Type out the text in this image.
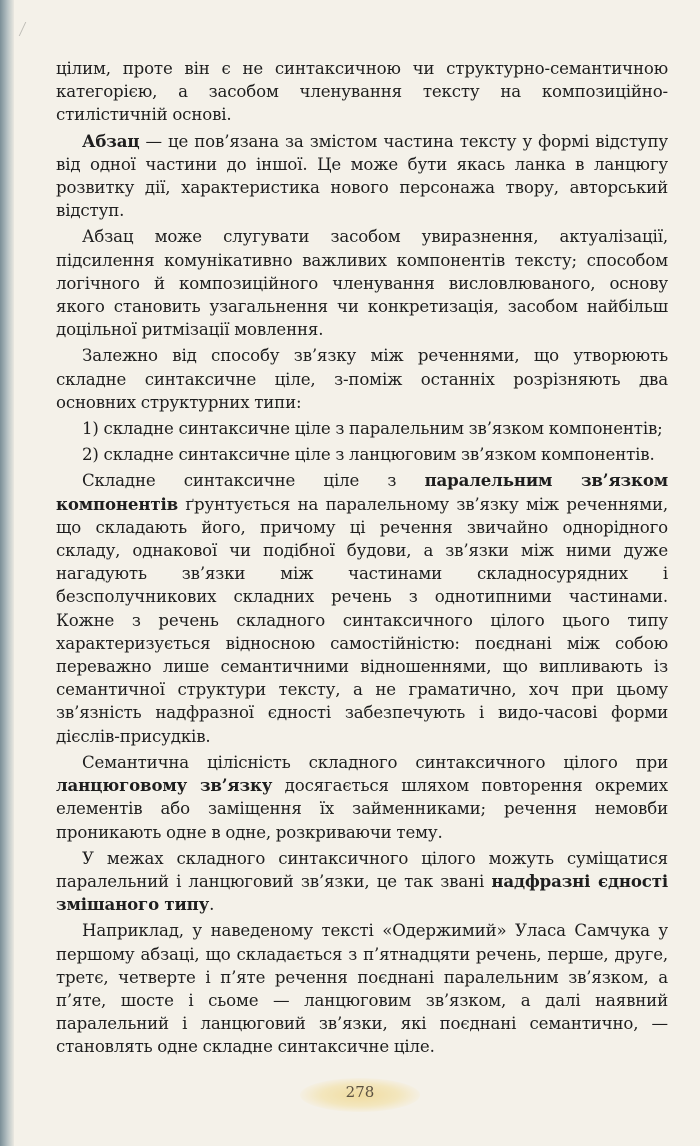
цілим, проте він є не синтаксичною чи структурно-семантичною категорією, а засобом членування тексту на композиційно-стилістичній основі.

Абзац — це пов’язана за змістом частина тексту у формі відступу від одної частини до іншої. Це може бути якась ланка в ланцюгу розвитку дії, характеристика нового персонажа твору, авторський відступ.

Абзац може слугувати засобом увиразнення, актуалізації, підсилення комунікативно важливих компонентів тексту; способом логічного й композиційного членування висловлюваного, основу якого становить узагальнення чи конкретизація, засобом найбільш доцільної ритмізації мовлення.

Залежно від способу зв’язку між реченнями, що утворюють складне синтаксичне ціле, з-поміж останніх розрізняють два основних структурних типи:

1) складне синтаксичне ціле з паралельним зв’язком компонентів;

2) складне синтаксичне ціле з ланцюговим зв’язком компонентів.

Складне синтаксичне ціле з паралельним зв’язком компонентів ґрунтується на паралельному зв’язку між реченнями, що складають його, причому ці речення звичайно однорідного складу, однакової чи подібної будови, а зв’язки між ними дуже нагадують зв’язки між частинами складносурядних і безсполучникових складних речень з однотипними частинами. Кожне з речень складного синтаксичного цілого цього типу характеризується відносною самостійністю: поєднані між собою переважно лише семантичними відношеннями, що випливають із семантичної структури тексту, а не граматично, хоч при цьому зв’язність надфразної єдності забезпечують і видо-часові форми дієслів-присудків.

Семантична цілісність складного синтаксичного цілого при ланцюговому зв’язку досягається шляхом повторення окремих елементів або заміщення їх займенниками; речення немовби проникають одне в одне, розкриваючи тему.

У межах складного синтаксичного цілого можуть суміщатися паралельний і ланцюговий зв’язки, це так звані надфразні єдності змішаного типу.

Наприклад, у наведеному тексті «Одержимий» Уласа Самчука у першому абзаці, що складається з п’ятнадцяти речень, перше, друге, третє, четверте і п’яте речення поєднані паралельним зв’язком, а п’яте, шосте і сьоме — ланцюговим зв’язком, а далі наявний паралельний і ланцюговий зв’язки, які поєднані семантично, — становлять одне складне синтаксичне ціле.

278
